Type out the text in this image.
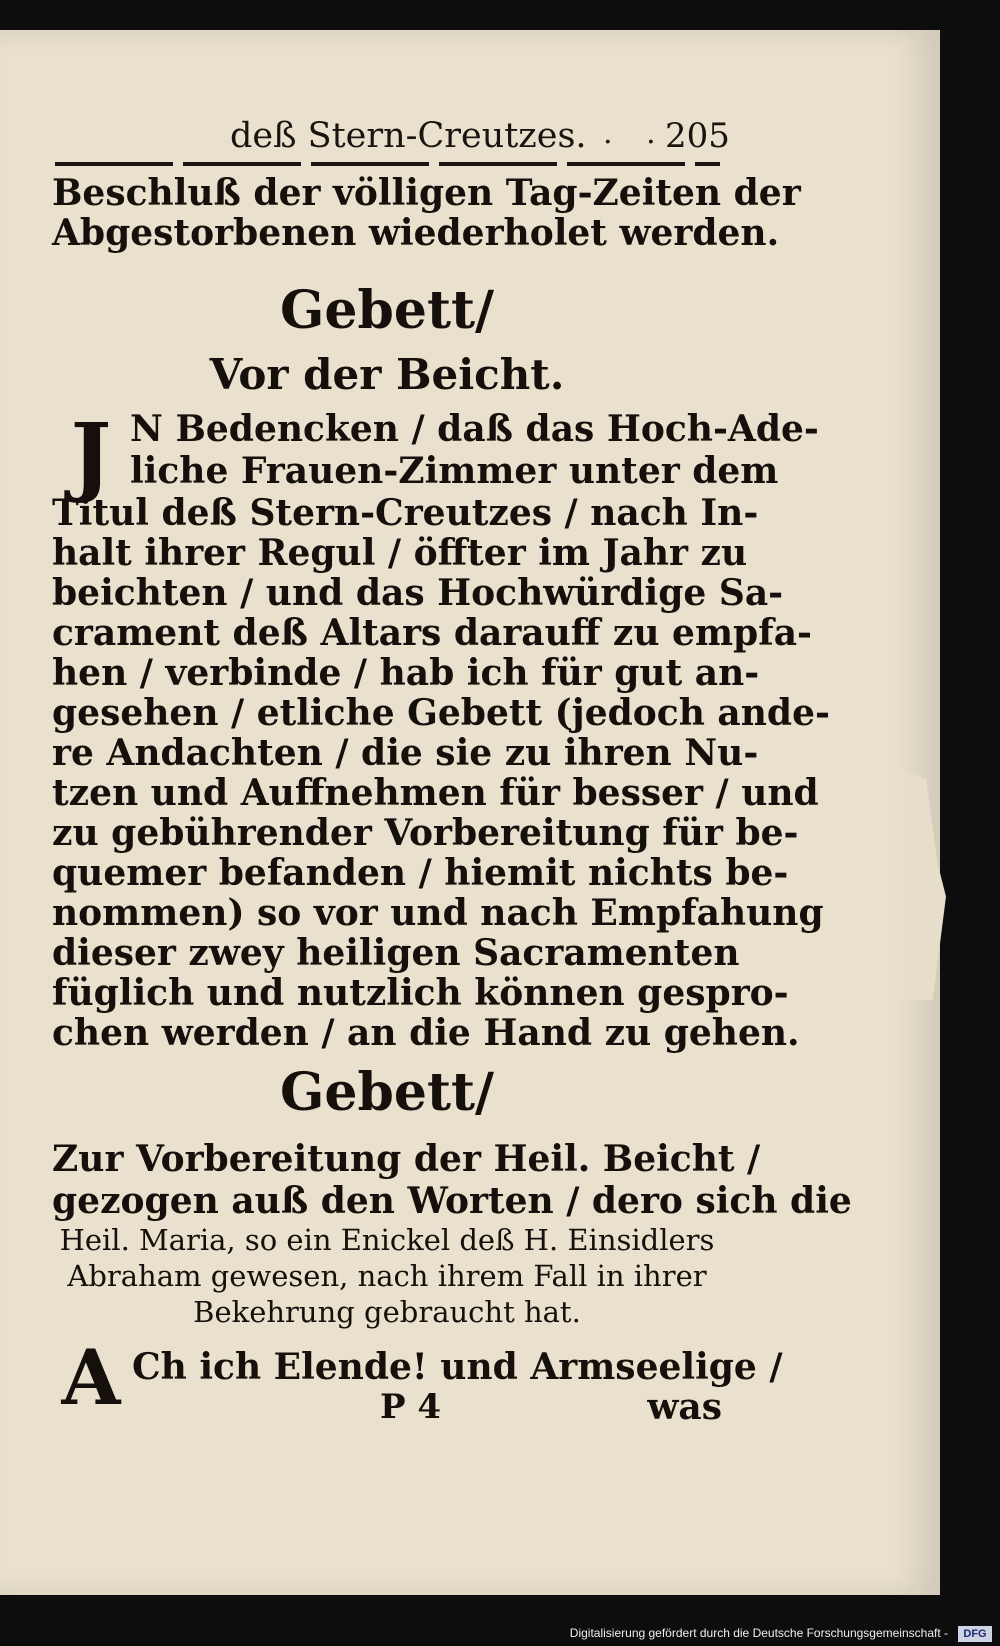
deß Stern-Creutzes. . .
205
Beschluß der völligen Tag-Zeiten der
Abgestorbenen wiederholet werden.
Gebett/
Vor der Beicht.
J N Bedencken / daß das Hoch-Ade-
liche Frauen-Zimmer unter dem
Titul deß Stern-Creutzes / nach In-
halt ihrer Regul / öffter im Jahr zu
beichten / und das Hochwürdige Sa-
crament deß Altars darauff zu empfa-
hen / verbinde / hab ich für gut an-
gesehen / etliche Gebett (jedoch ande-
re Andachten / die sie zu ihren Nu-
tzen und Auffnehmen für besser / und
zu gebührender Vorbereitung für be-
quemer befanden / hiemit nichts be-
nommen) so vor und nach Empfahung
dieser zwey heiligen Sacramenten
füglich und nutzlich können gespro-
chen werden / an die Hand zu gehen.
Gebett/
Zur Vorbereitung der Heil. Beicht /
gezogen auß den Worten / dero sich die
Heil. Maria, so ein Enickel deß H. Einsidlers
Abraham gewesen, nach ihrem Fall in ihrer
Bekehrung gebraucht hat.
A Ch ich Elende! und Armseelige /
P 4	was
Digitalisierung gefördert durch die Deutsche Forschungsgemeinschaft -	DFG
